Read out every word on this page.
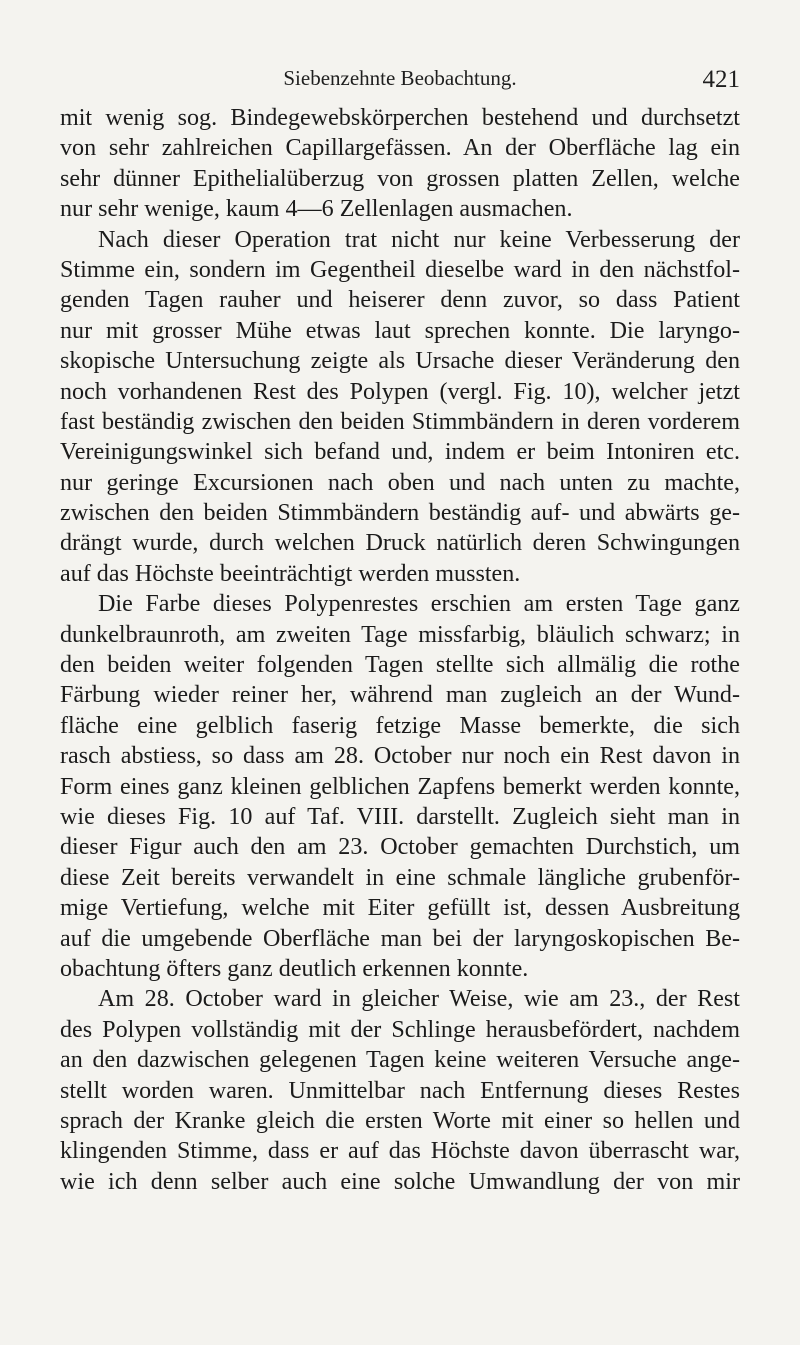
Siebenzehnte Beobachtung.	421
mit wenig sog. Bindegewebskörperchen bestehend und durchsetzt
von sehr zahlreichen Capillargefässen. An der Oberfläche lag ein
sehr dünner Epithelialüberzug von grossen platten Zellen, welche
nur sehr wenige, kaum 4—6 Zellenlagen ausmachen.
Nach dieser Operation trat nicht nur keine Verbesserung der
Stimme ein, sondern im Gegentheil dieselbe ward in den nächstfol-
genden Tagen rauher und heiserer denn zuvor, so dass Patient
nur mit grosser Mühe etwas laut sprechen konnte. Die laryngo-
skopische Untersuchung zeigte als Ursache dieser Veränderung den
noch vorhandenen Rest des Polypen (vergl. Fig. 10), welcher jetzt
fast beständig zwischen den beiden Stimmbändern in deren vorderem
Vereinigungswinkel sich befand und, indem er beim Intoniren etc.
nur geringe Excursionen nach oben und nach unten zu machte,
zwischen den beiden Stimmbändern beständig auf- und abwärts ge-
drängt wurde, durch welchen Druck natürlich deren Schwingungen
auf das Höchste beeinträchtigt werden mussten.
Die Farbe dieses Polypenrestes erschien am ersten Tage ganz
dunkelbraunroth, am zweiten Tage missfarbig, bläulich schwarz; in
den beiden weiter folgenden Tagen stellte sich allmälig die rothe
Färbung wieder reiner her, während man zugleich an der Wund-
fläche eine gelblich faserig fetzige Masse bemerkte, die sich
rasch abstiess, so dass am 28. October nur noch ein Rest davon in
Form eines ganz kleinen gelblichen Zapfens bemerkt werden konnte,
wie dieses Fig. 10 auf Taf. VIII. darstellt. Zugleich sieht man in
dieser Figur auch den am 23. October gemachten Durchstich, um
diese Zeit bereits verwandelt in eine schmale längliche grubenför-
mige Vertiefung, welche mit Eiter gefüllt ist, dessen Ausbreitung
auf die umgebende Oberfläche man bei der laryngoskopischen Be-
obachtung öfters ganz deutlich erkennen konnte.
Am 28. October ward in gleicher Weise, wie am 23., der Rest
des Polypen vollständig mit der Schlinge herausbefördert, nachdem
an den dazwischen gelegenen Tagen keine weiteren Versuche ange-
stellt worden waren. Unmittelbar nach Entfernung dieses Restes
sprach der Kranke gleich die ersten Worte mit einer so hellen und
klingenden Stimme, dass er auf das Höchste davon überrascht war,
wie ich denn selber auch eine solche Umwandlung der von mir
